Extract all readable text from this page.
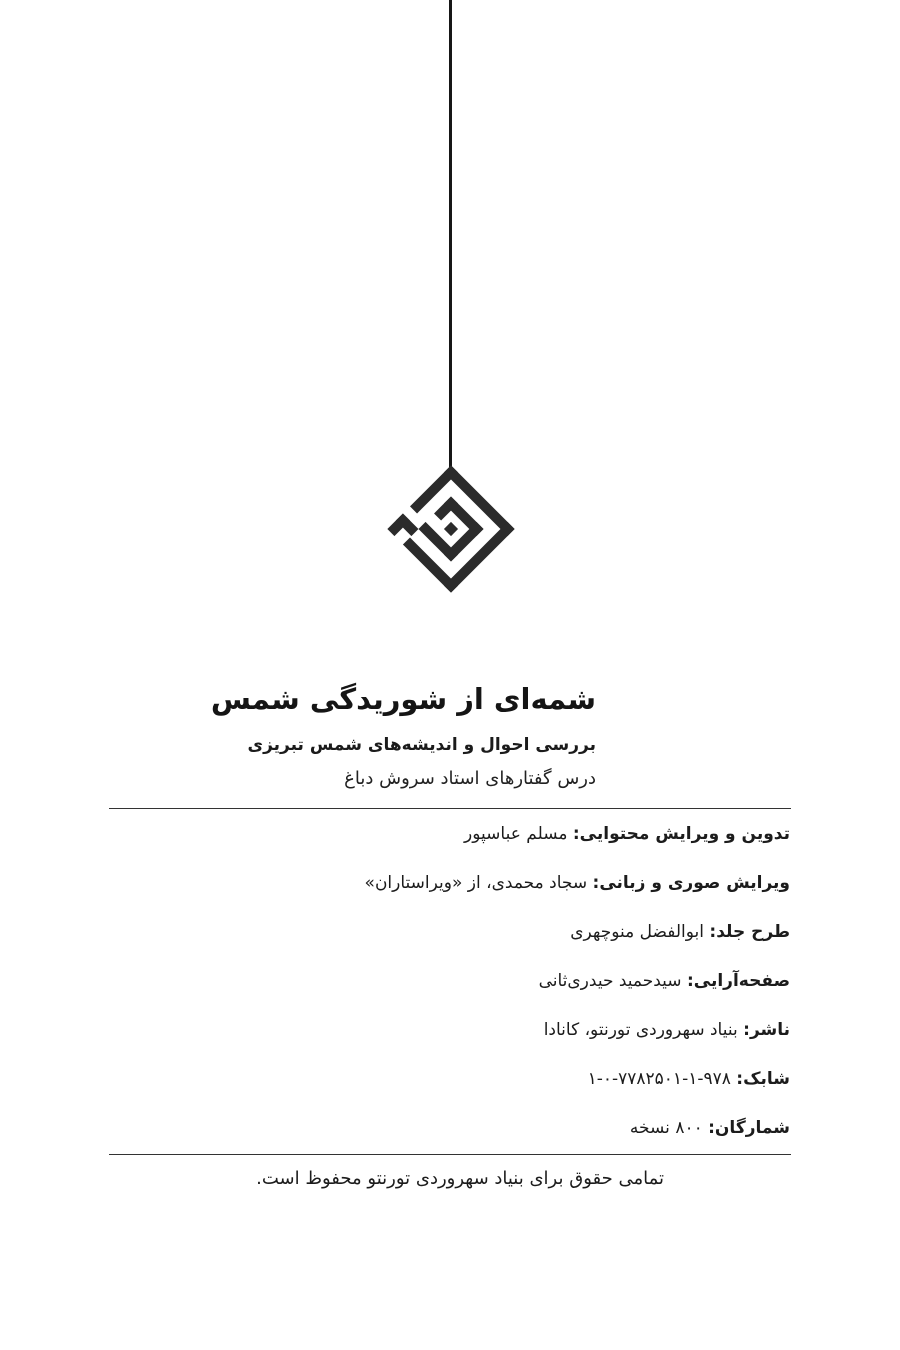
شمه‌ای از شوریدگی شمس
بررسی احوال و اندیشه‌های شمس تبریزی
درس گفتارهای استاد سروش دباغ
تدوین و ویرایش محتوایی: مسلم عباسپور
ویرایش صوری و زبانی: سجاد محمدی، از «ویراستاران»
طرح جلد: ابوالفضل منوچهری
صفحه‌آرایی: سیدحمید حیدری‌ثانی
ناشر: بنیاد سهروردی تورنتو، کانادا
شابک: ۹۷۸-۱-۷۷۸۲۵۰۱-۰-۱
شمارگان: ۸۰۰ نسخه
تمامی حقوق برای بنیاد سهروردی تورنتو محفوظ است.
